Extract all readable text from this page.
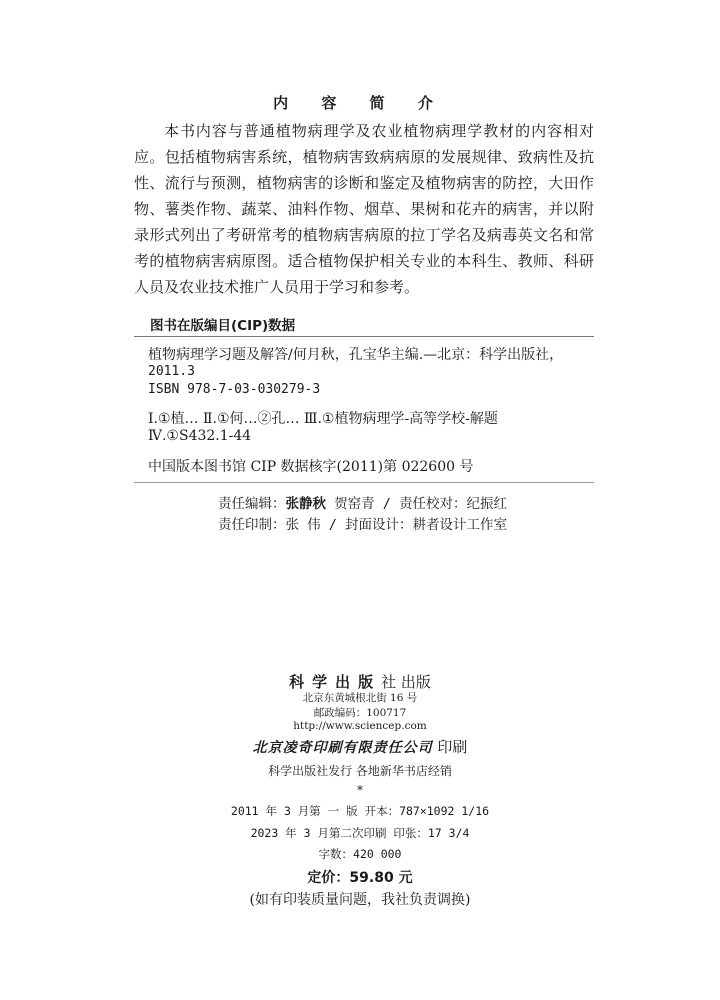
内 容 简 介

本书内容与普通植物病理学及农业植物病理学教材的内容相对应。包括植物病害系统，植物病害致病病原的发展规律、致病性及抗性、流行与预测，植物病害的诊断和鉴定及植物病害的防控，大田作物、薯类作物、蔬菜、油料作物、烟草、果树和花卉的病害，并以附录形式列出了考研常考的植物病害病原的拉丁学名及病毒英文名和常考的植物病害病原图。适合植物保护相关专业的本科生、教师、科研人员及农业技术推广人员用于学习和参考。

图书在版编目(CIP)数据
植物病理学习题及解答/何月秋，孔宝华主编.—北京：科学出版社，
2011.3
ISBN 978-7-03-030279-3
Ⅰ.①植… Ⅱ.①何…②孔… Ⅲ.①植物病理学-高等学校-解题
Ⅳ.①S432.1-44
中国版本图书馆 CIP 数据核字(2011)第 022600 号
责任编辑：张静秋 贺窑青 / 责任校对：纪振红
责任印制：张 伟 / 封面设计：耕者设计工作室
科学出版社 出版
北京东黄城根北街 16 号
邮政编码：100717
http://www.sciencep.com
北京凌奇印刷有限责任公司 印刷
科学出版社发行 各地新华书店经销
*
2011 年 3 月第 一 版 开本：787×1092 1/16
2023 年 3 月第二次印刷 印张：17 3/4
字数：420 000
定价：59.80 元
(如有印装质量问题，我社负责调换)
